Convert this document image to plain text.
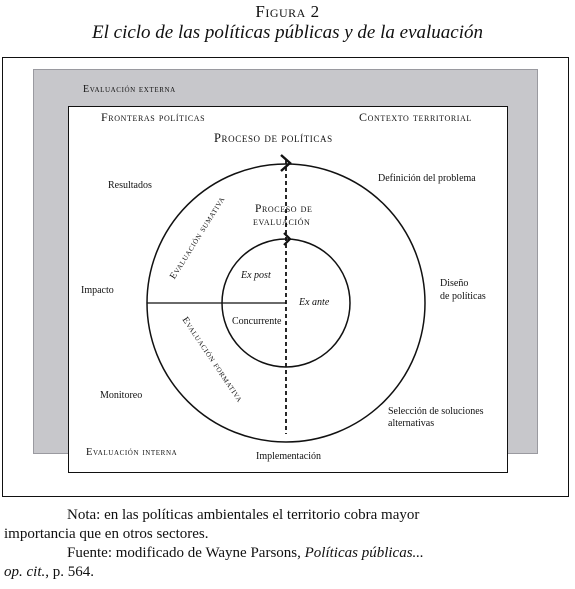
Figura 2
El ciclo de las políticas públicas y de la evaluación
Evaluación externa
Fronteras políticas	Contexto territorial
Proceso de políticas
Proceso de
evaluación
Resultados
Impacto
Monitoreo
Definición del problema
Diseño
de políticas
Selección de soluciones
alternativas
Evaluación interna	Implementación
Ex post
Ex ante
Concurrente
Evaluación sumativa
Evaluación formativa

Nota: en las políticas ambientales el territorio cobra mayor

importancia que en otros sectores.

Fuente: modificado de Wayne Parsons, Políticas públicas...

op. cit., p. 564.
